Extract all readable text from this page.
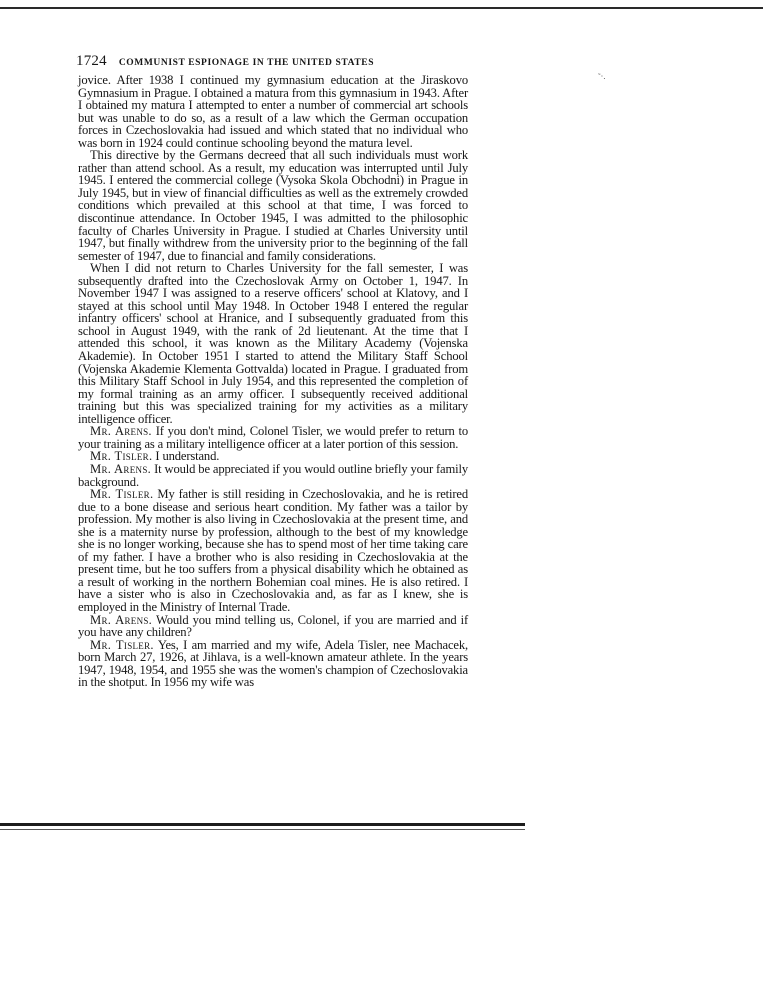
1724 COMMUNIST ESPIONAGE IN THE UNITED STATES
˜·.

jovice. After 1938 I continued my gymnasium education at the Jiraskovo Gymnasium in Prague. I obtained a matura from this gymnasium in 1943. After I obtained my matura I attempted to enter a number of commercial art schools but was unable to do so, as a result of a law which the German occupation forces in Czechoslovakia had issued and which stated that no individual who was born in 1924 could continue schooling beyond the matura level.

This directive by the Germans decreed that all such individuals must work rather than attend school. As a result, my education was interrupted until July 1945. I entered the commercial college (Vysoka Skola Obchodni) in Prague in July 1945, but in view of financial difficulties as well as the extremely crowded conditions which prevailed at this school at that time, I was forced to discontinue attendance. In October 1945, I was admitted to the philosophic faculty of Charles University in Prague. I studied at Charles University until 1947, but finally withdrew from the university prior to the beginning of the fall semester of 1947, due to financial and family considerations.

When I did not return to Charles University for the fall semester, I was subsequently drafted into the Czechoslovak Army on October 1, 1947. In November 1947 I was assigned to a reserve officers' school at Klatovy, and I stayed at this school until May 1948. In October 1948 I entered the regular infantry officers' school at Hranice, and I subsequently graduated from this school in August 1949, with the rank of 2d lieutenant. At the time that I attended this school, it was known as the Military Academy (Vojenska Akademie). In October 1951 I started to attend the Military Staff School (Vojenska Akademie Klementa Gottvalda) located in Prague. I graduated from this Military Staff School in July 1954, and this represented the completion of my formal training as an army officer. I subsequently received additional training but this was specialized training for my activities as a military intelligence officer.

Mr. Arens. If you don't mind, Colonel Tisler, we would prefer to return to your training as a military intelligence officer at a later portion of this session.

Mr. Tisler. I understand.

Mr. Arens. It would be appreciated if you would outline briefly your family background.

Mr. Tisler. My father is still residing in Czechoslovakia, and he is retired due to a bone disease and serious heart condition. My father was a tailor by profession. My mother is also living in Czechoslovakia at the present time, and she is a maternity nurse by profession, although to the best of my knowledge she is no longer working, because she has to spend most of her time taking care of my father. I have a brother who is also residing in Czechoslovakia at the present time, but he too suffers from a physical disability which he obtained as a result of working in the northern Bohemian coal mines. He is also retired. I have a sister who is also in Czechoslovakia and, as far as I knew, she is employed in the Ministry of Internal Trade.

Mr. Arens. Would you mind telling us, Colonel, if you are married and if you have any children?

Mr. Tisler. Yes, I am married and my wife, Adela Tisler, nee Machacek, born March 27, 1926, at Jihlava, is a well-known amateur athlete. In the years 1947, 1948, 1954, and 1955 she was the women's champion of Czechoslovakia in the shotput. In 1956 my wife was
